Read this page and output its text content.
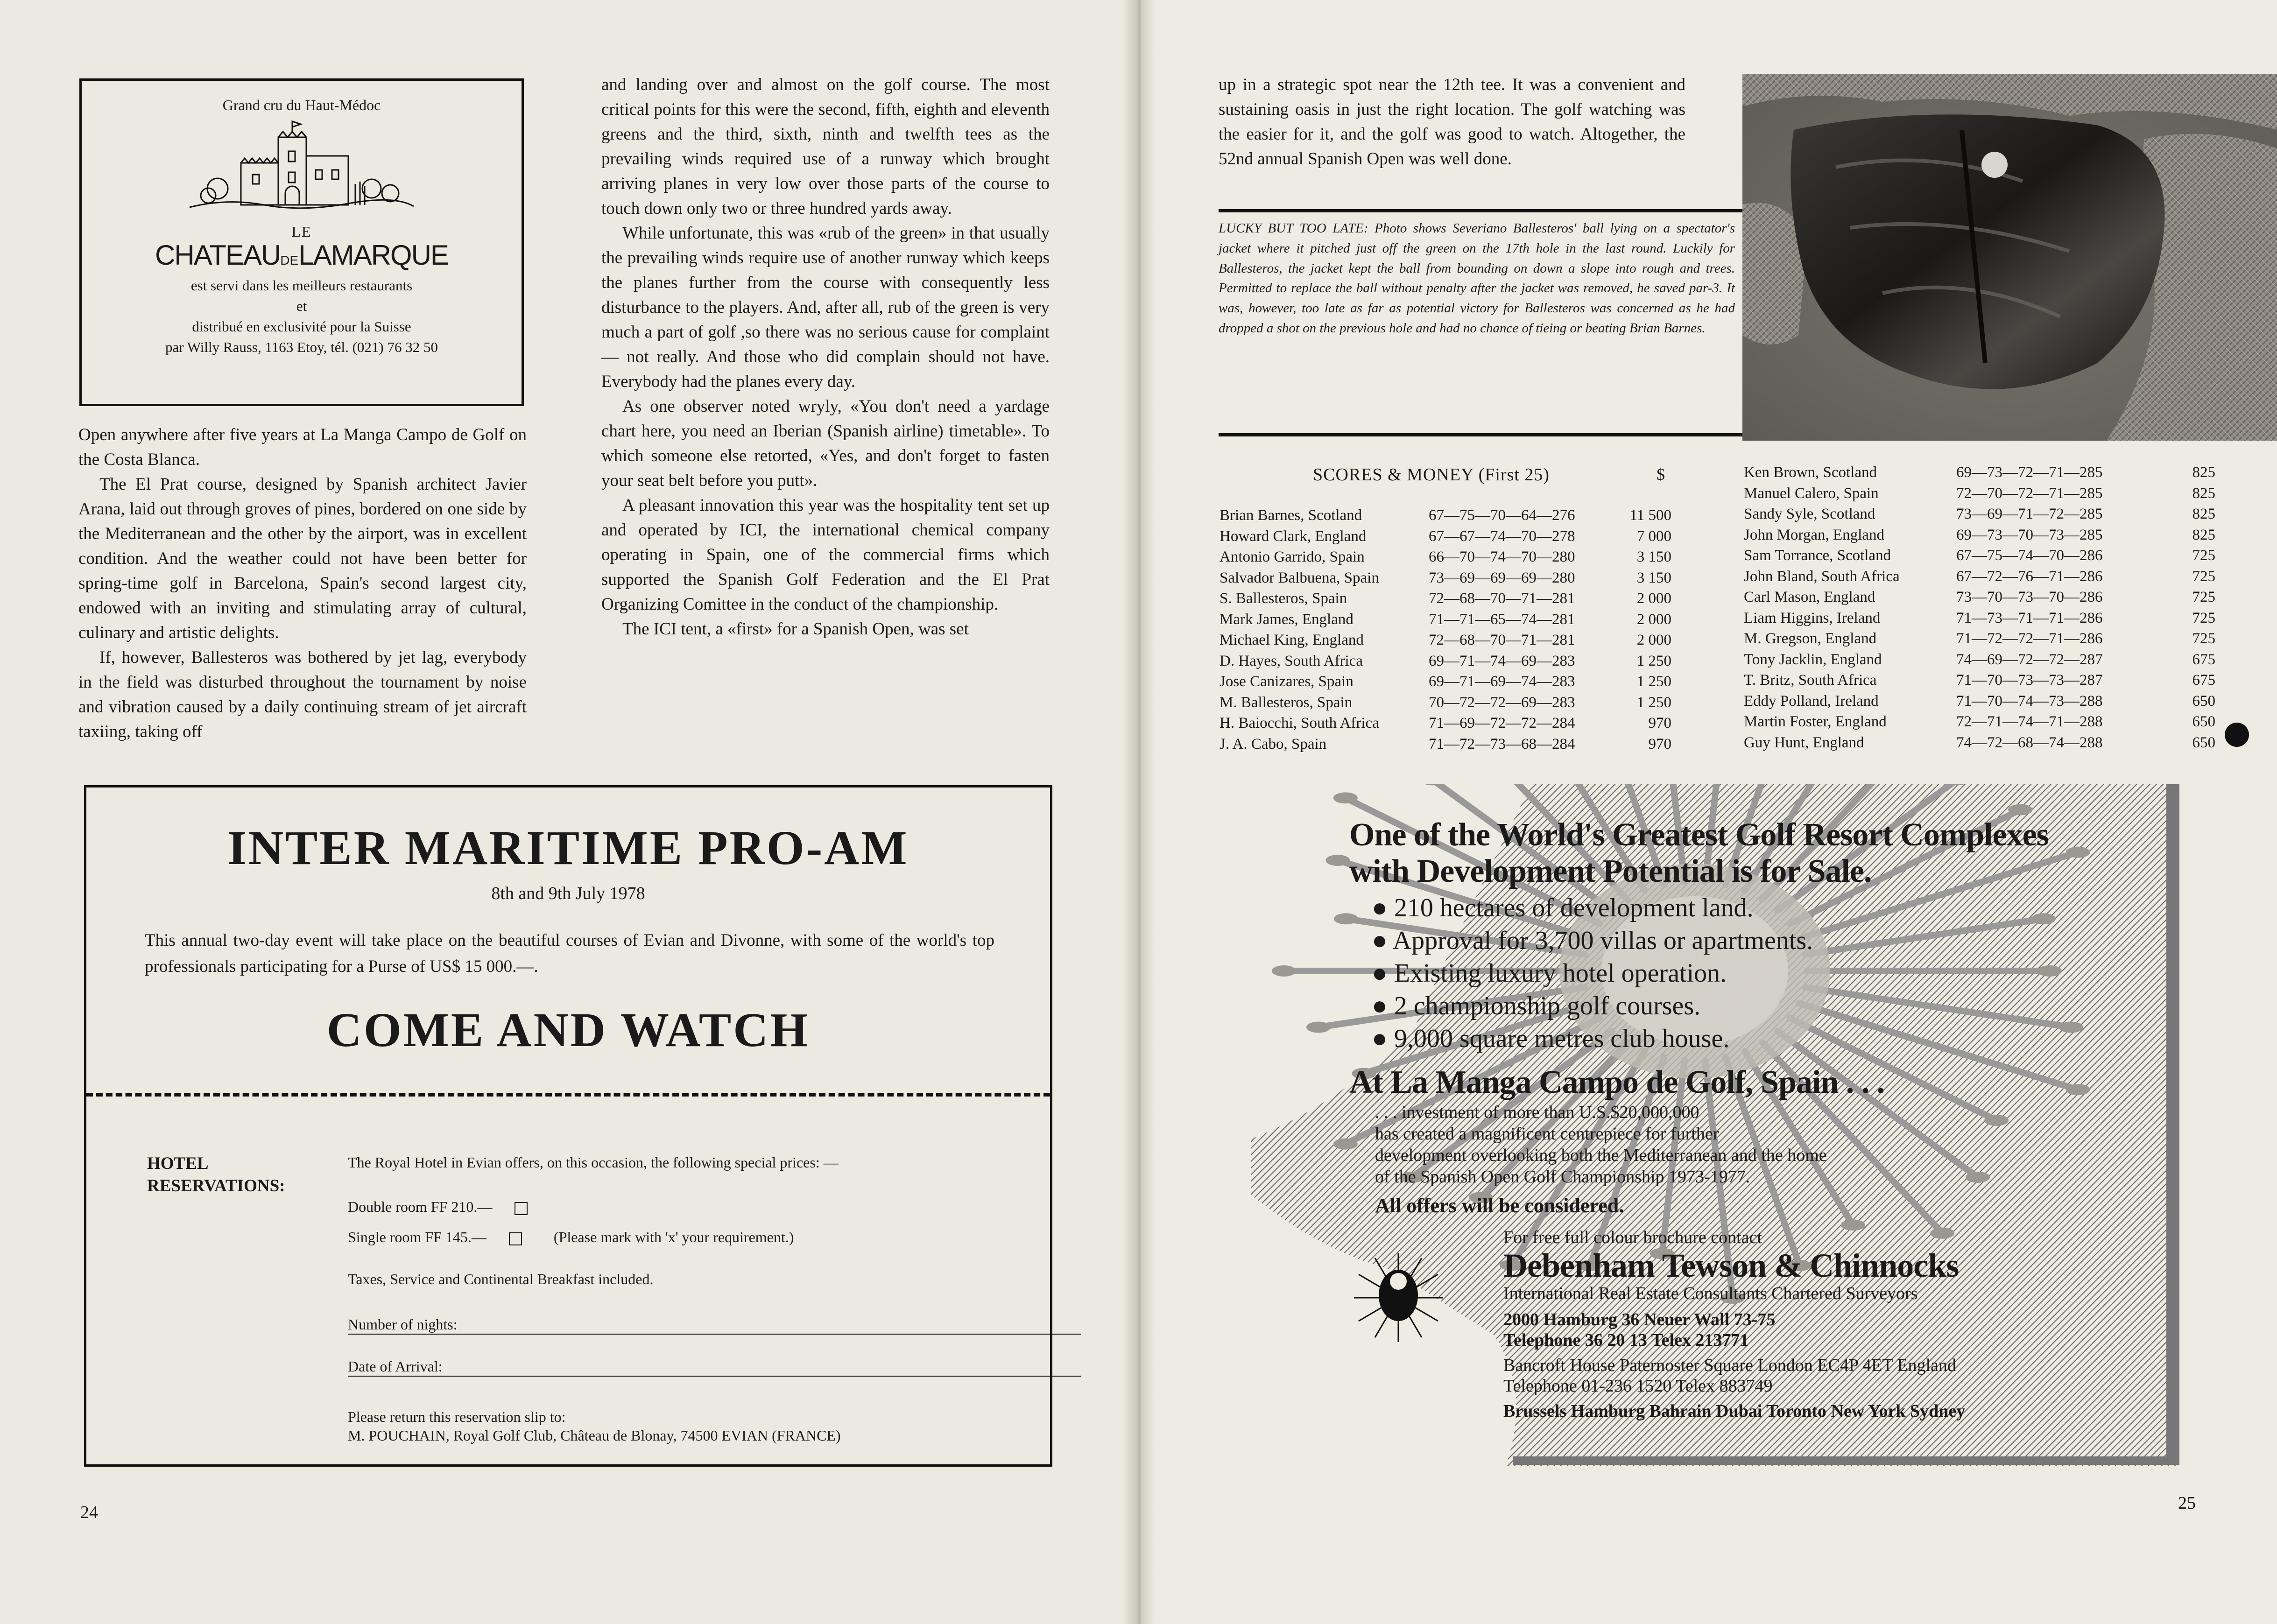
Grand cru du Haut-Médoc
LE
CHATEAUDELAMARQUE
est servi dans les meilleurs restaurants
et
distribué en exclusivité pour la Suisse
par Willy Rauss, 1163 Etoy, tél. (021) 76 32 50

Open anywhere after five years at La Manga Campo de Golf on the Costa Blanca.

The El Prat course, designed by Spanish architect Javier Arana, laid out through groves of pines, bordered on one side by the Mediterranean and the other by the airport, was in excellent condition. And the weather could not have been better for spring-time golf in Barcelona, Spain's second largest city, endowed with an inviting and stimulating array of cultural, culinary and artistic delights.

If, however, Ballesteros was bothered by jet lag, everybody in the field was disturbed throughout the tournament by noise and vibration caused by a daily continuing stream of jet aircraft taxiing, taking off

and landing over and almost on the golf course. The most critical points for this were the second, fifth, eighth and eleventh greens and the third, sixth, ninth and twelfth tees as the prevailing winds required use of a runway which brought arriving planes in very low over those parts of the course to touch down only two or three hundred yards away.

While unfortunate, this was «rub of the green» in that usually the prevailing winds require use of another runway which keeps the planes further from the course with consequently less disturbance to the players. And, after all, rub of the green is very much a part of golf ,so there was no serious cause for complaint — not really. And those who did complain should not have. Everybody had the planes every day.

As one observer noted wryly, «You don't need a yardage chart here, you need an Iberian (Spanish airline) timetable». To which someone else retorted, «Yes, and don't forget to fasten your seat belt before you putt».

A pleasant innovation this year was the hospitality tent set up and operated by ICI, the international chemical company operating in Spain, one of the commercial firms which supported the Spanish Golf Federation and the El Prat Organizing Comittee in the conduct of the championship.

The ICI tent, a «first» for a Spanish Open, was set

INTER MARITIME PRO-AM
8th and 9th July 1978
This annual two-day event will take place on the beautiful courses of Evian and Divonne, with some of the world's top professionals participating for a Purse of US$ 15 000.—.
COME AND WATCH
HOTEL
RESERVATIONS:
The Royal Hotel in Evian offers, on this occasion, the following special prices: —
Double room FF 210.—
Single room FF 145.—	(Please mark with 'x' your requirement.)
Taxes, Service and Continental Breakfast included.
Number of nights:
Date of Arrival:
Please return this reservation slip to:
M. POUCHAIN, Royal Golf Club, Château de Blonay, 74500 EVIAN (FRANCE)
24

up in a strategic spot near the 12th tee. It was a convenient and sustaining oasis in just the right location. The golf watching was the easier for it, and the golf was good to watch. Altogether, the 52nd annual Spanish Open was well done.

LUCKY BUT TOO LATE: Photo shows Severiano Ballesteros' ball lying on a spectator's jacket where it pitched just off the green on the 17th hole in the last round. Luckily for Ballesteros, the jacket kept the ball from bounding on down a slope into rough and trees. Permitted to replace the ball without penalty after the jacket was removed, he saved par-3. It was, however, too late as far as potential victory for Ballesteros was concerned as he had dropped a shot on the previous hole and had no chance of tieing or beating Brian Barnes.
SCORES & MONEY (First 25)	$
Brian Barnes, Scotland	67—75—70—64—276	11 500
Howard Clark, England	67—67—74—70—278	7 000
Antonio Garrido, Spain	66—70—74—70—280	3 150
Salvador Balbuena, Spain	73—69—69—69—280	3 150
S. Ballesteros, Spain	72—68—70—71—281	2 000
Mark James, England	71—71—65—74—281	2 000
Michael King, England	72—68—70—71—281	2 000
D. Hayes, South Africa	69—71—74—69—283	1 250
Jose Canizares, Spain	69—71—69—74—283	1 250
M. Ballesteros, Spain	70—72—72—69—283	1 250
H. Baiocchi, South Africa	71—69—72—72—284	970
J. A. Cabo, Spain	71—72—73—68—284	970
Ken Brown, Scotland	69—73—72—71—285	825
Manuel Calero, Spain	72—70—72—71—285	825
Sandy Syle, Scotland	73—69—71—72—285	825
John Morgan, England	69—73—70—73—285	825
Sam Torrance, Scotland	67—75—74—70—286	725
John Bland, South Africa	67—72—76—71—286	725
Carl Mason, England	73—70—73—70—286	725
Liam Higgins, Ireland	71—73—71—71—286	725
M. Gregson, England	71—72—72—71—286	725
Tony Jacklin, England	74—69—72—72—287	675
T. Britz, South Africa	71—70—73—73—287	675
Eddy Polland, Ireland	71—70—74—73—288	650
Martin Foster, England	72—71—74—71—288	650
Guy Hunt, England	74—72—68—74—288	650
One of the World's Greatest Golf Resort Complexes
with Development Potential is for Sale.
● 210 hectares of development land.
● Approval for 3,700 villas or apartments.
● Existing luxury hotel operation.
● 2 championship golf courses.
● 9,000 square metres club house.
At La Manga Campo de Golf, Spain . . .
. . . investment of more than U.S.$20,000,000
has created a magnificent centrepiece for further
development overlooking both the Mediterranean and the home
of the Spanish Open Golf Championship 1973-1977.
All offers will be considered.
For free full colour brochure contact
Debenham Tewson & Chinnocks
International Real Estate Consultants Chartered Surveyors
2000 Hamburg 36 Neuer Wall 73-75
Telephone 36 20 13 Telex 213771
Bancroft House Paternoster Square London EC4P 4ET England
Telephone 01-236 1520 Telex 883749
Brussels Hamburg Bahrain Dubai Toronto New York Sydney
25
